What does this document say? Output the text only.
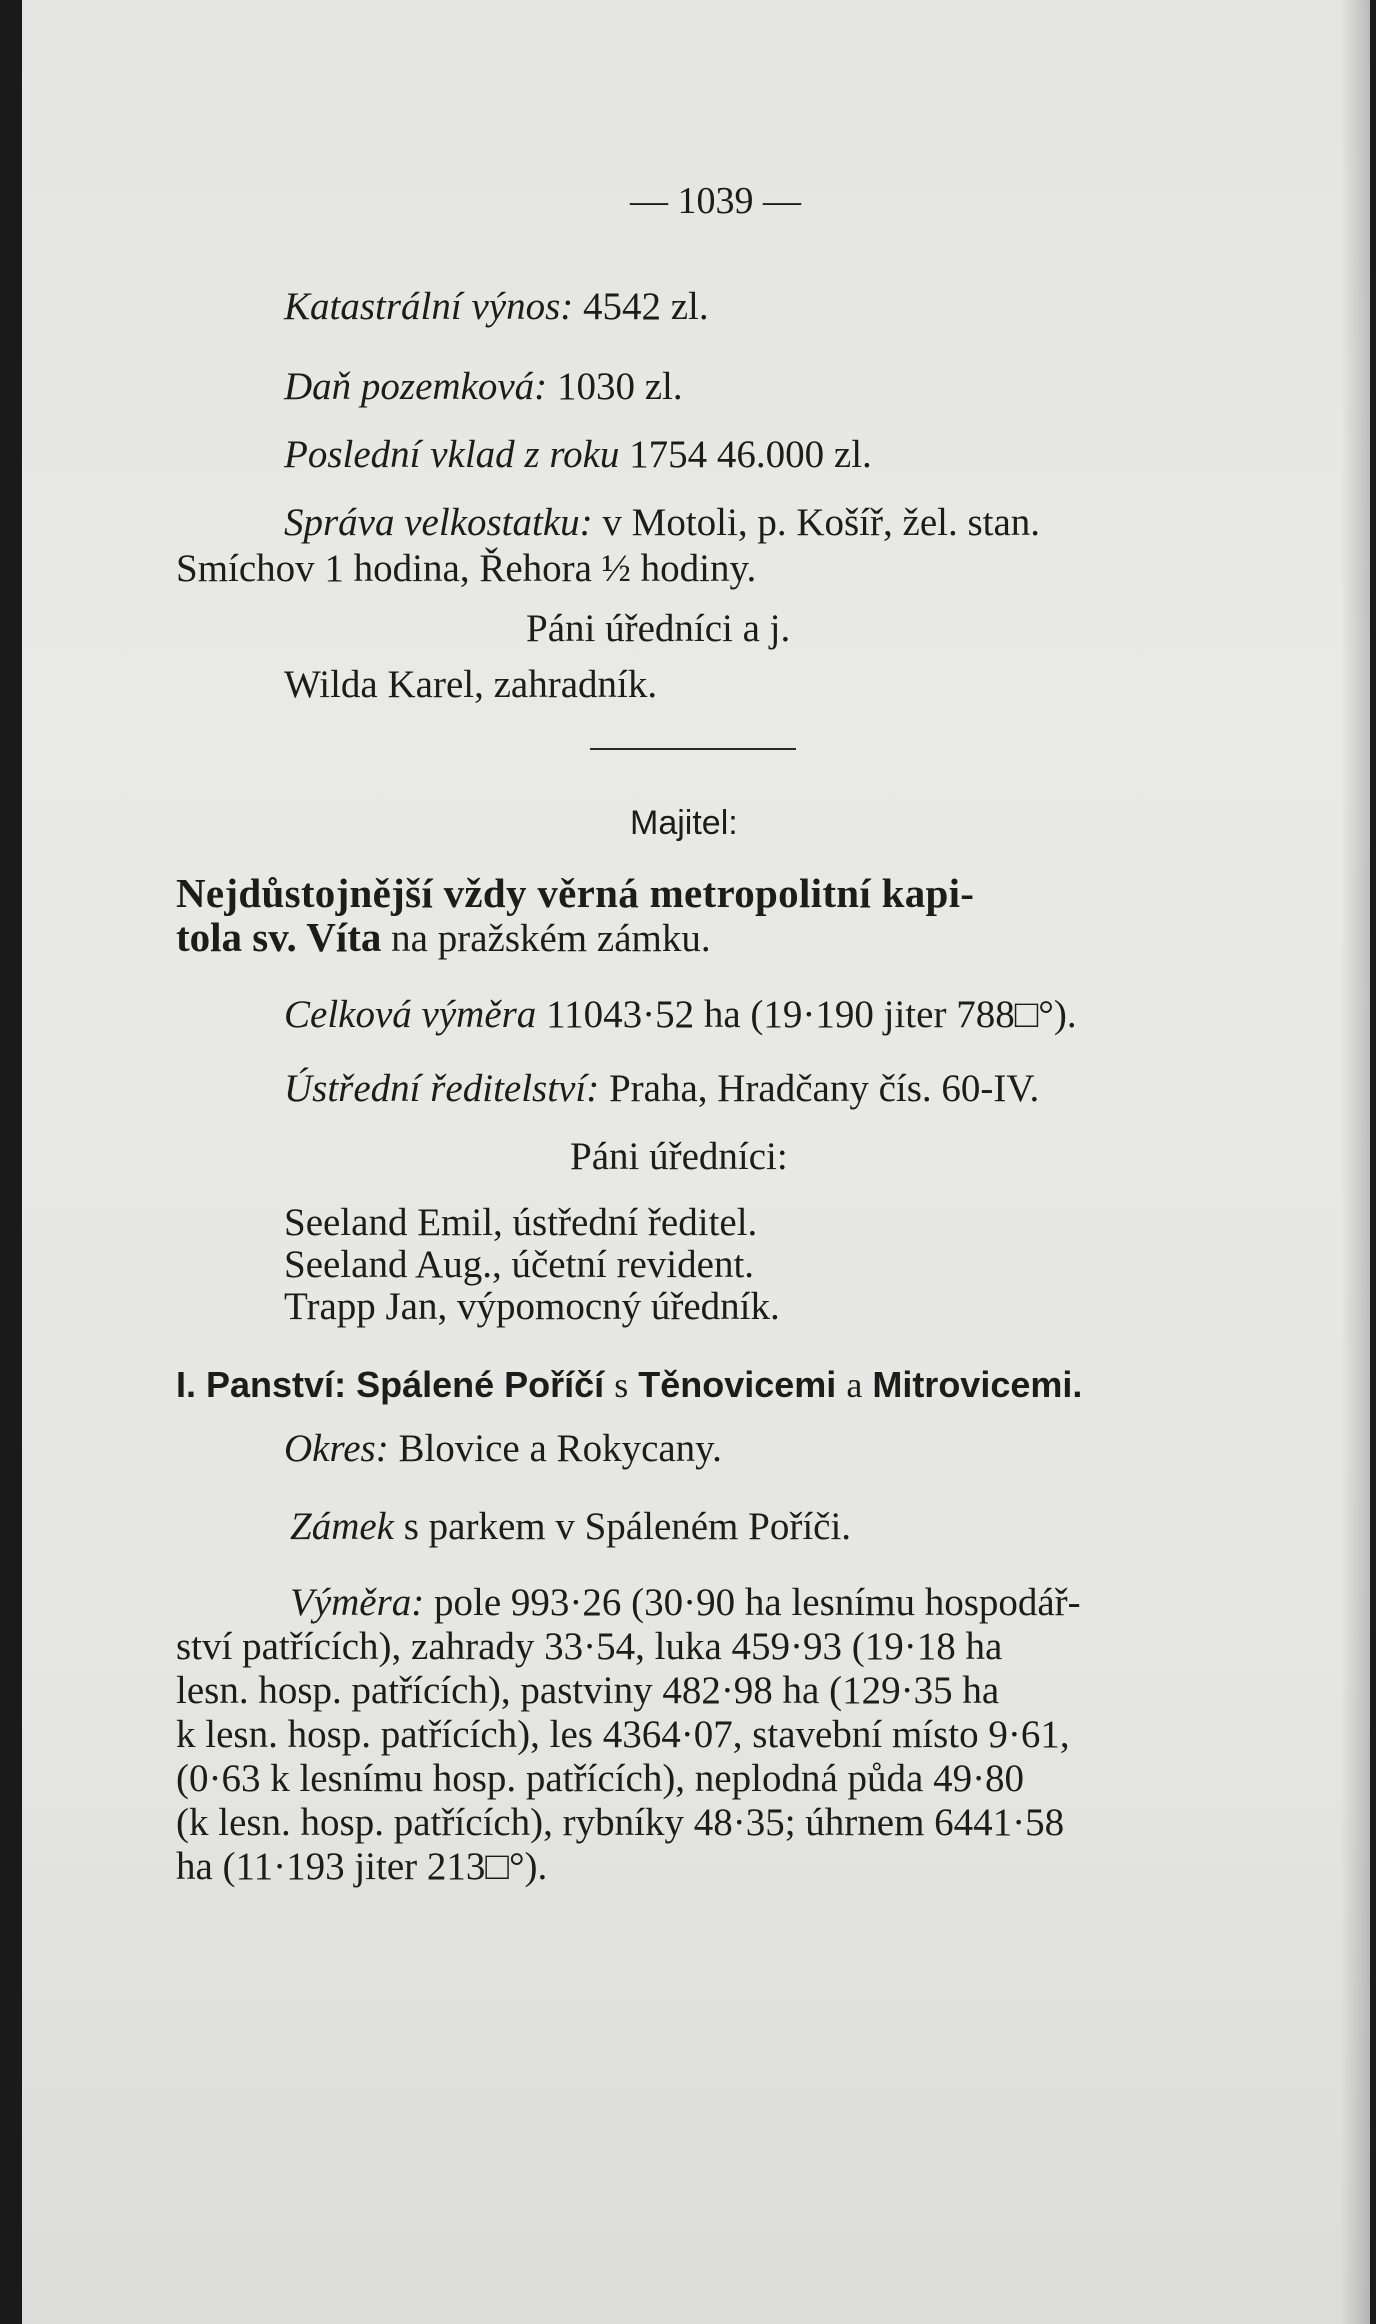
— 1039 —
Katastrální výnos: 4542 zl.
Daň pozemková: 1030 zl.
Poslední vklad z roku 1754 46.000 zl.
Správa velkostatku: v Motoli, p. Košíř, žel. stan.
Smíchov 1 hodina, Řehora ½ hodiny.
Páni úředníci a j.
Wilda Karel, zahradník.
Majitel:
Nejdůstojnější vždy věrná metropolitní kapi-
tola sv. Víta na pražském zámku.
Celková výměra 11043·52 ha (19·190 jiter 788□°).
Ústřední ředitelství: Praha, Hradčany čís. 60-IV.
Páni úředníci:
Seeland Emil, ústřední ředitel.
Seeland Aug., účetní revident.
Trapp Jan, výpomocný úředník.
I. Panství: Spálené Poříčí s Těnovicemi a Mitrovicemi.
Okres: Blovice a Rokycany.
Zámek s parkem v Spáleném Poříči.
Výměra: pole 993·26 (30·90 ha lesnímu hospodář-
ství patřících), zahrady 33·54, luka 459·93 (19·18 ha
lesn. hosp. patřících), pastviny 482·98 ha (129·35 ha
k lesn. hosp. patřících), les 4364·07, stavební místo 9·61,
(0·63 k lesnímu hosp. patřících), neplodná půda 49·80
(k lesn. hosp. patřících), rybníky 48·35; úhrnem 6441·58
ha (11·193 jiter 213□°).
